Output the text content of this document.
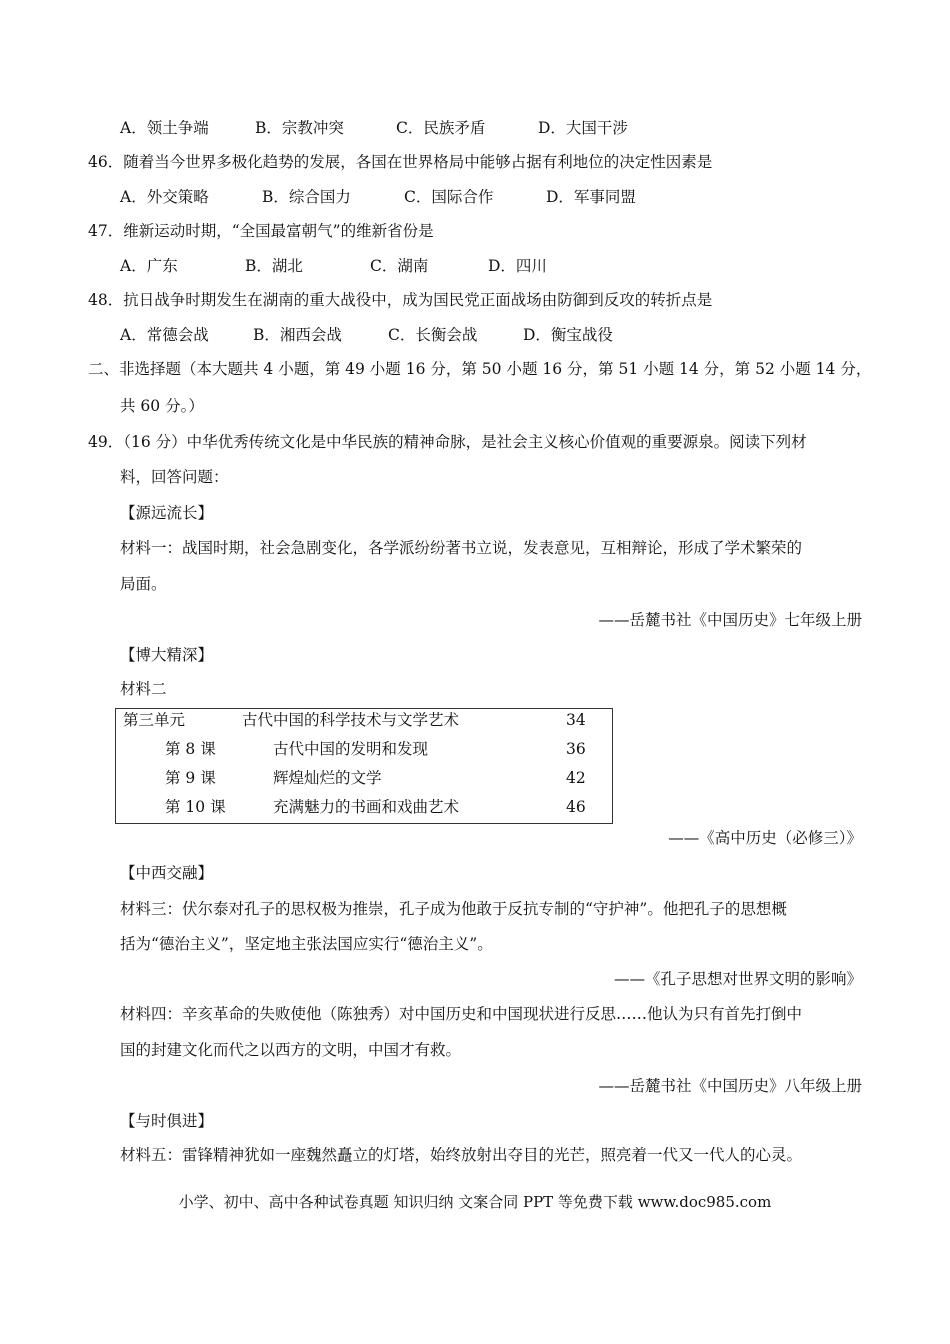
A．领土争端	B．宗教冲突	C．民族矛盾	D．大国干涉
46．随着当今世界多极化趋势的发展，各国在世界格局中能够占据有利地位的决定性因素是
A．外交策略	B．综合国力	C．国际合作	D．军事同盟
47．维新运动时期，“全国最富朝气”的维新省份是
A．广东	B．湖北	C．湖南	D．四川
48．抗日战争时期发生在湖南的重大战役中，成为国民党正面战场由防御到反攻的转折点是
A．常德会战	B．湘西会战	C．长衡会战	D．衡宝战役
二、非选择题（本大题共 4 小题，第 49 小题 16 分，第 50 小题 16 分，第 51 小题 14 分，第 52 小题 14 分，
共 60 分。）
49．（16 分）中华优秀传统文化是中华民族的精神命脉，是社会主义核心价值观的重要源泉。阅读下列材
料，回答问题：
【源远流长】
材料一：战国时期，社会急剧变化，各学派纷纷著书立说，发表意见，互相辩论，形成了学术繁荣的
局面。
——岳麓书社《中国历史》七年级上册
【博大精深】
材料二
第三单元	古代中国的科学技术与文学艺术	34
第 8 课	古代中国的发明和发现	36
第 9 课	辉煌灿烂的文学	42
第 10 课	充满魅力的书画和戏曲艺术	46
——《高中历史（必修三）》
【中西交融】
材料三：伏尔泰对孔子的思权极为推崇，孔子成为他敢于反抗专制的“守护神”。他把孔子的思想概
括为“德治主义”，坚定地主张法国应实行“德治主义”。
——《孔子思想对世界文明的影响》
材料四：辛亥革命的失败使他（陈独秀）对中国历史和中国现状进行反思……他认为只有首先打倒中
国的封建文化而代之以西方的文明，中国才有救。
——岳麓书社《中国历史》八年级上册
【与时俱进】
材料五：雷锋精神犹如一座魏然矗立的灯塔，始终放射出夺目的光芒，照亮着一代又一代人的心灵。
小学、初中、高中各种试卷真题 知识归纳 文案合同 PPT 等免费下载 www.doc985.com
